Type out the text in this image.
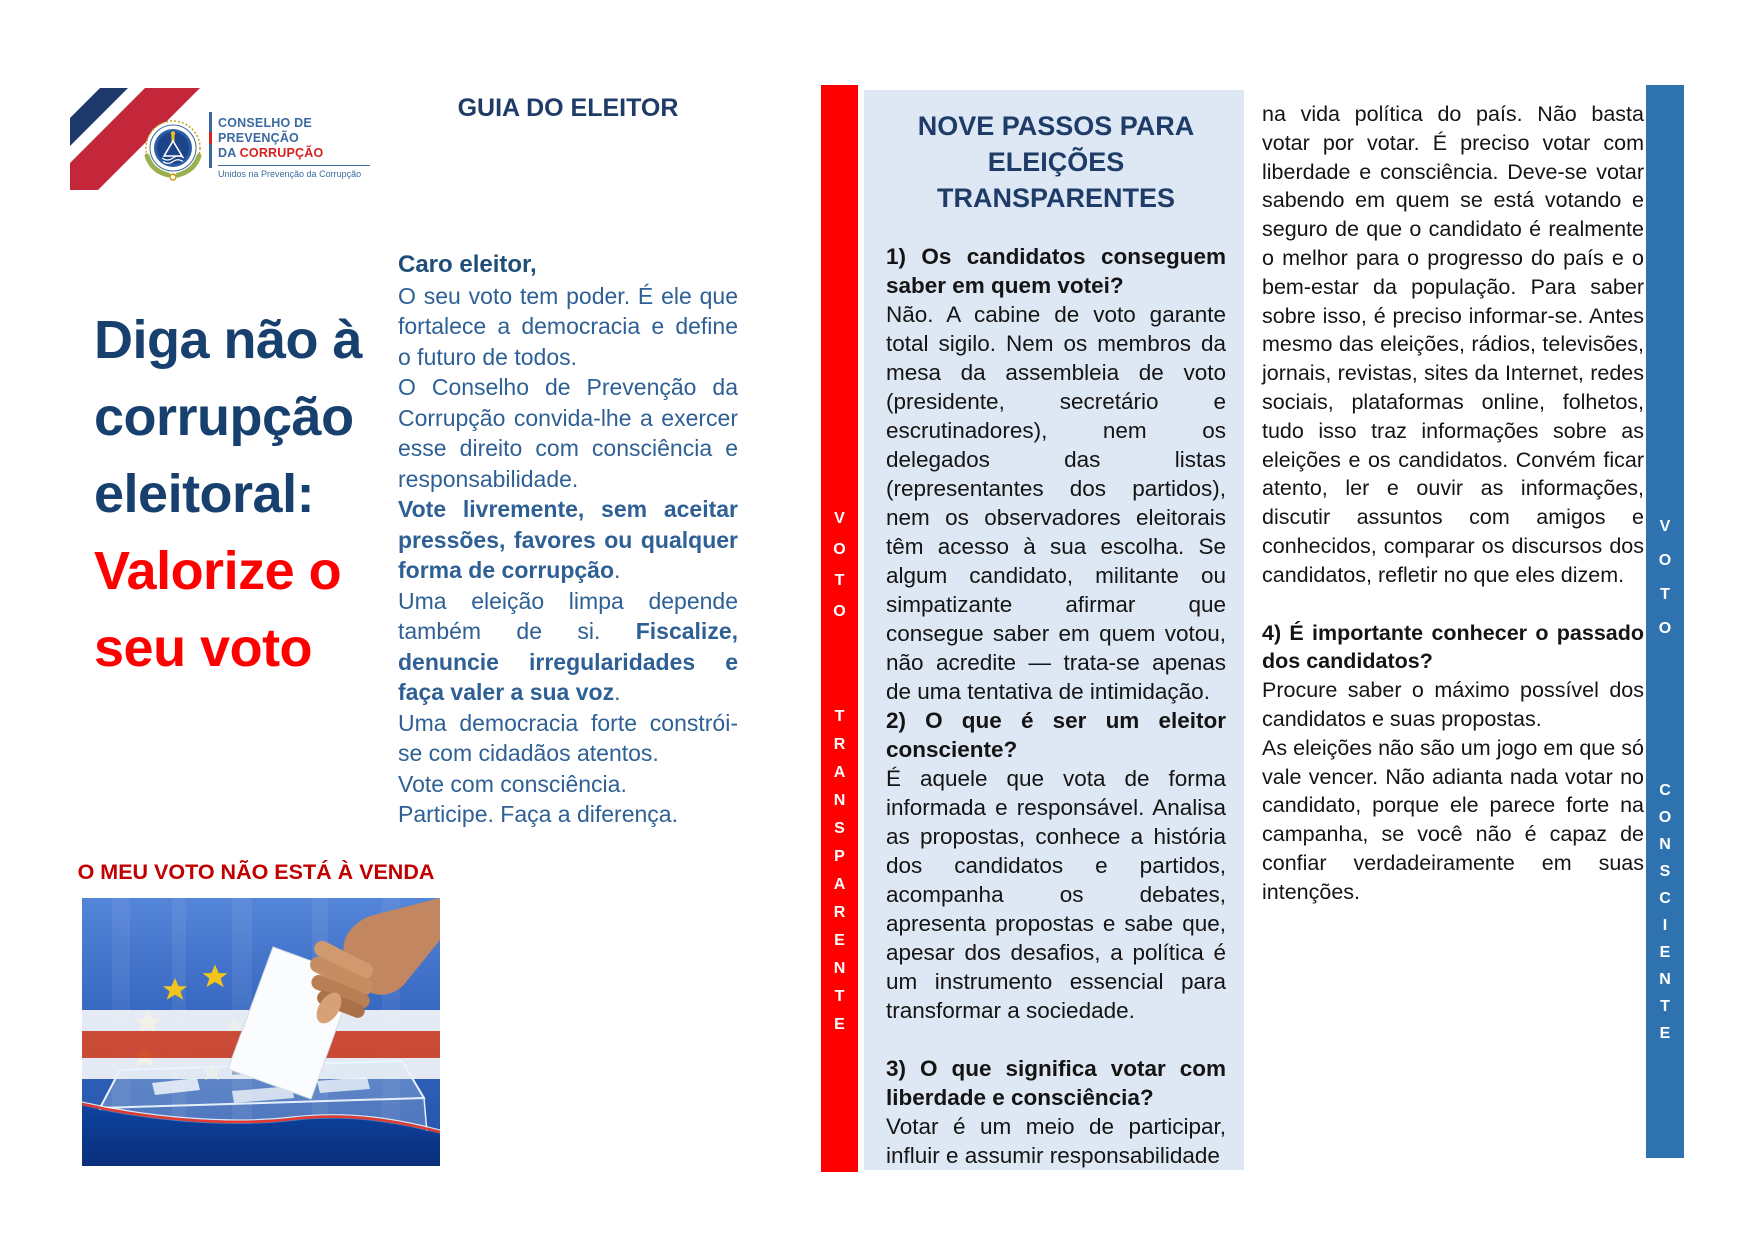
CONSELHO DE PREVENÇÃO
DA CORRUPÇÃO
Unidos na Prevenção da Corrupção
GUIA DO ELEITOR
Diga não à
corrupção
eleitoral:
Valorize o
seu voto
O MEU VOTO NÃO ESTÁ À VENDA

Caro eleitor,

O seu voto tem poder. É ele que fortalece a democracia e define o futuro de todos.

O Conselho de Prevenção da Corrupção convida-lhe a exercer esse direito com consciência e responsabilidade.

Vote livremente, sem aceitar pressões, favores ou qualquer forma de corrupção.

Uma eleição limpa depende também de si. Fiscalize, denuncie irregularidades e faça valer a sua voz.

Uma democracia forte constrói-se com cidadãos atentos.

Vote com consciência.

Participe. Faça a diferença.

V
O
T
O
T
R
A
N
S
P
A
R
E
N
T
E
NOVE PASSOS PARA
ELEIÇÕES TRANSPARENTES

1) Os candidatos conseguem saber em quem votei?

Não. A cabine de voto garante total sigilo. Nem os membros da mesa da assembleia de voto (presidente, secretário e escrutinadores), nem os delegados das listas (representantes dos partidos), nem os observadores eleitorais têm acesso à sua escolha. Se algum candidato, militante ou simpatizante afirmar que consegue saber em quem votou, não acredite — trata-se apenas de uma tentativa de intimidação.

2) O que é ser um eleitor consciente?

É aquele que vota de forma informada e responsável. Analisa as propostas, conhece a história dos candidatos e partidos, acompanha os debates, apresenta propostas e sabe que, apesar dos desafios, a política é um instrumento essencial para transformar a sociedade.

3) O que significa votar com liberdade e consciência?

Votar é um meio de participar, influir e assumir responsabilidade

na vida política do país. Não basta votar por votar. É preciso votar com liberdade e consciência. Deve-se votar sabendo em quem se está votando e seguro de que o candidato é realmente o melhor para o progresso do país e o bem-estar da população. Para saber sobre isso, é preciso informar-se. Antes mesmo das eleições, rádios, televisões, jornais, revistas, sites da Internet, redes sociais, plataformas online, folhetos, tudo isso traz informações sobre as eleições e os candidatos. Convém ficar atento, ler e ouvir as informações, discutir assuntos com amigos e conhecidos, comparar os discursos dos candidatos, refletir no que eles dizem.

4) É importante conhecer o passado dos candidatos?

Procure saber o máximo possível dos candidatos e suas propostas.

As eleições não são um jogo em que só vale vencer. Não adianta nada votar no candidato, porque ele parece forte na campanha, se você não é capaz de confiar verdadeiramente em suas intenções.

V
O
T
O
C
O
N
S
C
I
E
N
T
E
